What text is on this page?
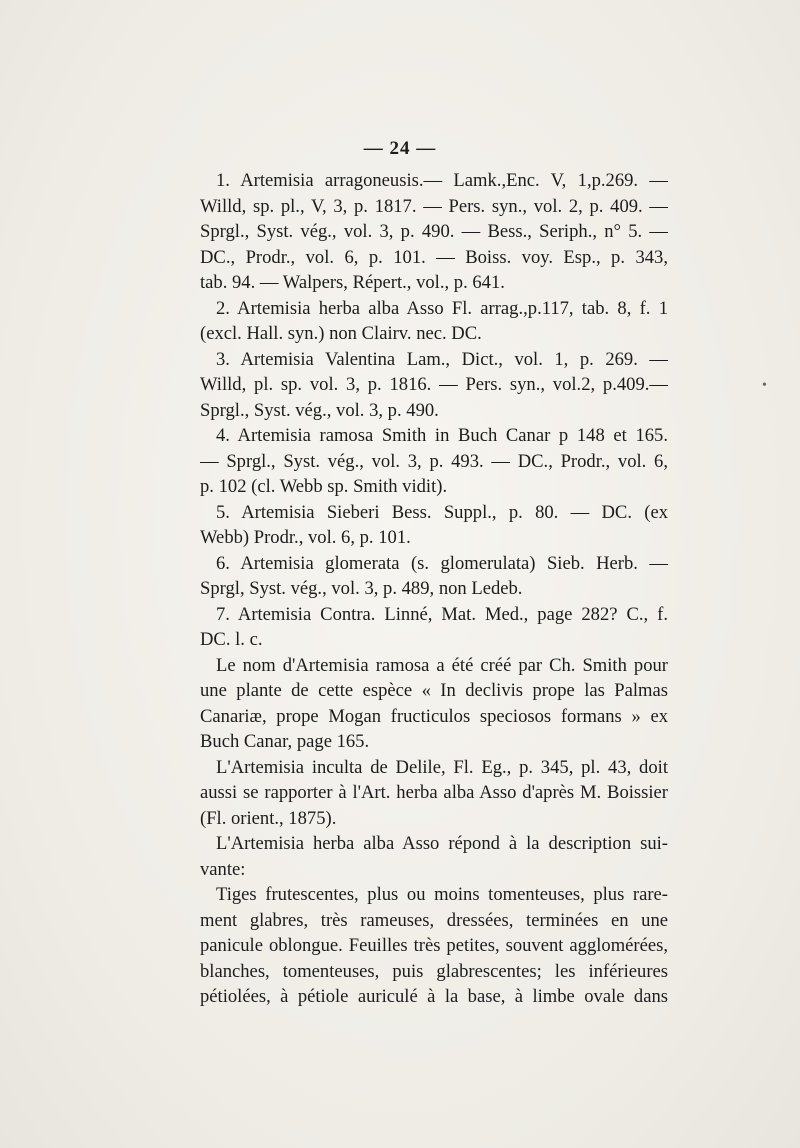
— 24 —
1. Artemisia arragoneusis.— Lamk.,Enc. V, 1,p.269. —
Willd, sp. pl., V, 3, p. 1817. — Pers. syn., vol. 2, p. 409. —
Sprgl., Syst. vég., vol. 3, p. 490. — Bess., Seriph., n° 5. —
DC., Prodr., vol. 6, p. 101. — Boiss. voy. Esp., p. 343,
tab. 94. — Walpers, Répert., vol., p. 641.
2. Artemisia herba alba Asso Fl. arrag.,p.117, tab. 8, f. 1
(excl. Hall. syn.) non Clairv. nec. DC.
3. Artemisia Valentina Lam., Dict., vol. 1, p. 269. —
Willd, pl. sp. vol. 3, p. 1816. — Pers. syn., vol.2, p.409.—
Sprgl., Syst. vég., vol. 3, p. 490.
4. Artemisia ramosa Smith in Buch Canar p 148 et 165.
— Sprgl., Syst. vég., vol. 3, p. 493. — DC., Prodr., vol. 6,
p. 102 (cl. Webb sp. Smith vidit).
5. Artemisia Sieberi Bess. Suppl., p. 80. — DC. (ex
Webb) Prodr., vol. 6, p. 101.
6. Artemisia glomerata (s. glomerulata) Sieb. Herb. —
Sprgl, Syst. vég., vol. 3, p. 489, non Ledeb.
7. Artemisia Contra. Linné, Mat. Med., page 282? C., f.
DC. l. c.
Le nom d'Artemisia ramosa a été créé par Ch. Smith pour
une plante de cette espèce « In declivis prope las Palmas
Canariæ, prope Mogan fructiculos speciosos formans » ex
Buch Canar, page 165.
L'Artemisia inculta de Delile, Fl. Eg., p. 345, pl. 43, doit
aussi se rapporter à l'Art. herba alba Asso d'après M. Boissier
(Fl. orient., 1875).
L'Artemisia herba alba Asso répond à la description sui-
vante:
Tiges frutescentes, plus ou moins tomenteuses, plus rare-
ment glabres, très rameuses, dressées, terminées en une
panicule oblongue. Feuilles très petites, souvent agglomérées,
blanches, tomenteuses, puis glabrescentes; les inférieures
pétiolées, à pétiole auriculé à la base, à limbe ovale dans
•
